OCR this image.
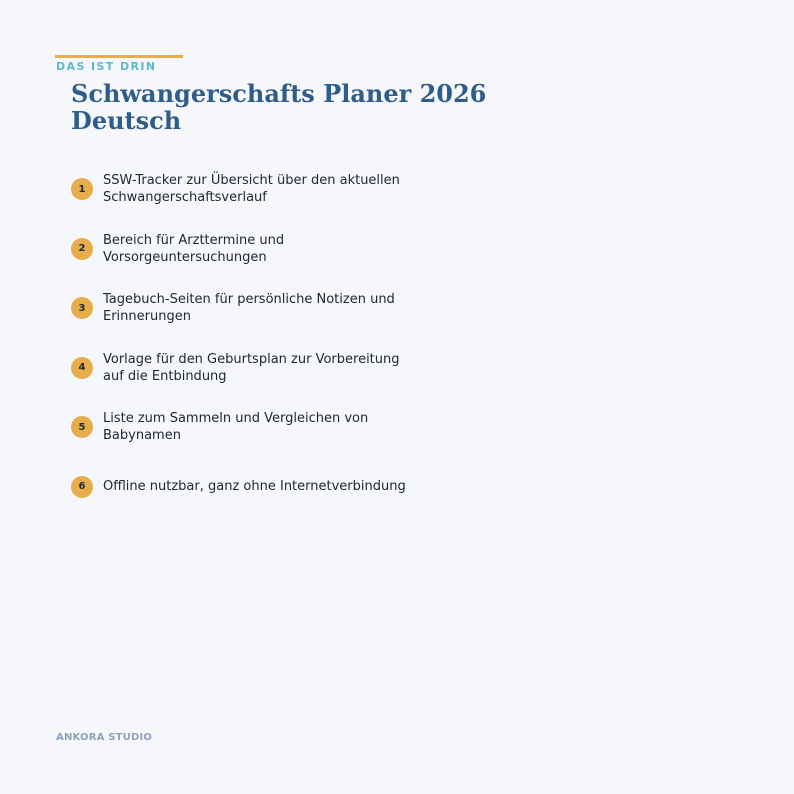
DAS IST DRIN

Schwangerschafts Planer 2026 Deutsch
1
SSW-Tracker zur Übersicht über den aktuellen Schwangerschaftsverlauf
2
Bereich für Arzttermine und Vorsorgeuntersuchungen
3
Tagebuch-Seiten für persönliche Notizen und Erinnerungen
4
Vorlage für den Geburtsplan zur Vorbereitung auf die Entbindung
5
Liste zum Sammeln und Vergleichen von Babynamen
6	Offline nutzbar, ganz ohne Internetverbindung

ANKORA STUDIO
